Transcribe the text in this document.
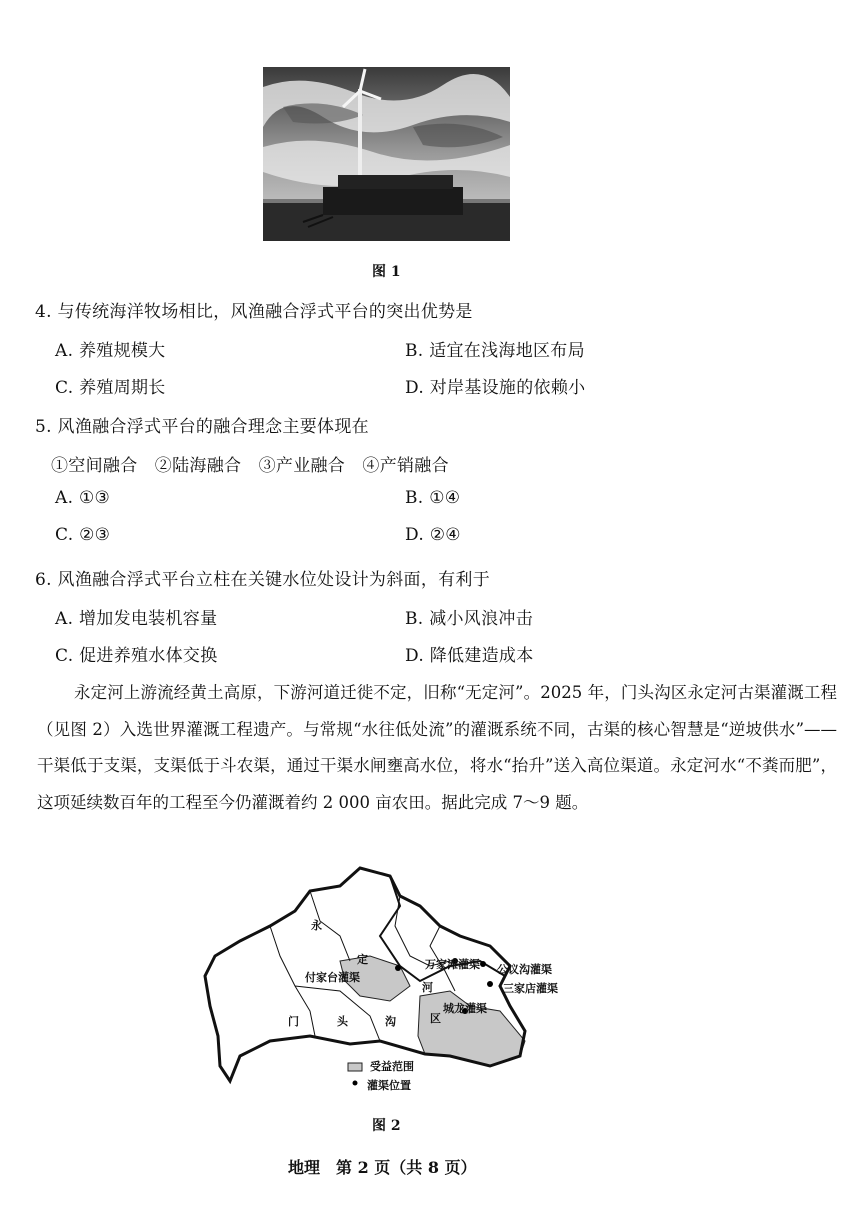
图 1
4. 与传统海洋牧场相比，风渔融合浮式平台的突出优势是
A. 养殖规模大	B. 适宜在浅海地区布局
C. 养殖周期长	D. 对岸基设施的依赖小
5. 风渔融合浮式平台的融合理念主要体现在
①空间融合　②陆海融合　③产业融合　④产销融合
A. ①③	B. ①④
C. ②③	D. ②④
6. 风渔融合浮式平台立柱在关键水位处设计为斜面，有利于
A. 增加发电装机容量	B. 减小风浪冲击
C. 促进养殖水体交换	D. 降低建造成本

永定河上游流经黄土高原，下游河道迁徙不定，旧称“无定河”。2025 年，门头沟区永定河古渠灌溉工程（见图 2）入选世界灌溉工程遗产。与常规“水往低处流”的灌溉系统不同，古渠的核心智慧是“逆坡供水”——干渠低于支渠，支渠低于斗农渠，通过干渠水闸壅高水位，将水“抬升”送入高位渠道。永定河水“不粪而肥”，这项延续数百年的工程至今仍灌溉着约 2 000 亩农田。据此完成 7～9 题。

永
定
河
门	头	沟	区
付家台灌渠
万家滩灌渠 公议沟灌渠
三家店灌渠
城龙灌渠
受益范围
灌渠位置
图 2
地理　第 2 页（共 8 页）
